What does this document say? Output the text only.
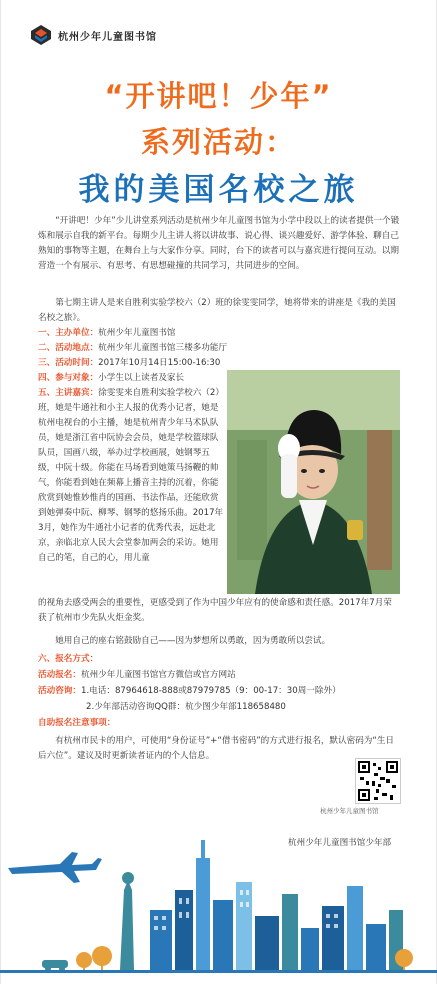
杭州少年儿童图书馆
“开讲吧！少年”
系列活动：
我的美国名校之旅
“开讲吧！少年”少儿讲堂系列活动是杭州少年儿童图书馆为小学中段以上的读者提供一个锻炼和展示自我的新平台。每期少儿主讲人将以讲故事、说心得、谈兴趣爱好、游学体验、聊自己熟知的事物等主题，在舞台上与大家作分享。同时，台下的读者可以与嘉宾进行提问互动。以期营造一个有展示、有思考、有思想碰撞的共同学习，共同进步的空间。
第七期主讲人是来自胜利实验学校六（2）班的徐雯雯同学，她将带来的讲座是《我的美国名校之旅》。
一、主办单位：杭州少年儿童图书馆
二、活动地点：杭州少年儿童图书馆三楼多功能厅
三、活动时间：2017年10月14日15:00-16:30
四、参与对象：小学生以上读者及家长
五、主讲嘉宾：徐雯雯来自胜利实验学校六（2）班，她是牛通社和小主人报的优秀小记者，她是杭州电视台的小主播，她是杭州青少年马术队队员，她是浙江省中阮协会会员，她是学校篮球队队员，国画八级，举办过学校画展，她钢琴五级，中阮十级。你能在马场看到她策马扬鞭的帅气，你能看到她在频幕上播音主持的沉着，你能欣赏到她惟妙惟肖的国画、书法作品，还能欣赏到她弹奏中阮、柳琴、钢琴的悠扬乐曲。2017年3月，她作为牛通社小记者的优秀代表，远赴北京，亲临北京人民大会堂参加两会的采访。她用自己的笔，自己的心，用儿童
的视角去感受两会的重要性，更感受到了作为中国少年应有的使命感和责任感。2017年7月荣获了杭州市少先队火炬金奖。
她用自己的座右铭鼓励自己——因为梦想所以勇敢，因为勇敢所以尝试。
六、报名方式：
活动报名：杭州少年儿童图书馆官方微信或官方网站
活动咨询：1.电话：87964618-888或87979785（9：00-17：30周一除外）
2.少年部活动咨询QQ群：杭少图少年部118658480
自助报名注意事项：
有杭州市民卡的用户，可使用“身份证号”+“借书密码”的方式进行报名，默认密码为“生日后六位”。建议及时更新读者证内的个人信息。
杭州少年儿童图书馆
杭州少年儿童图书馆少年部
